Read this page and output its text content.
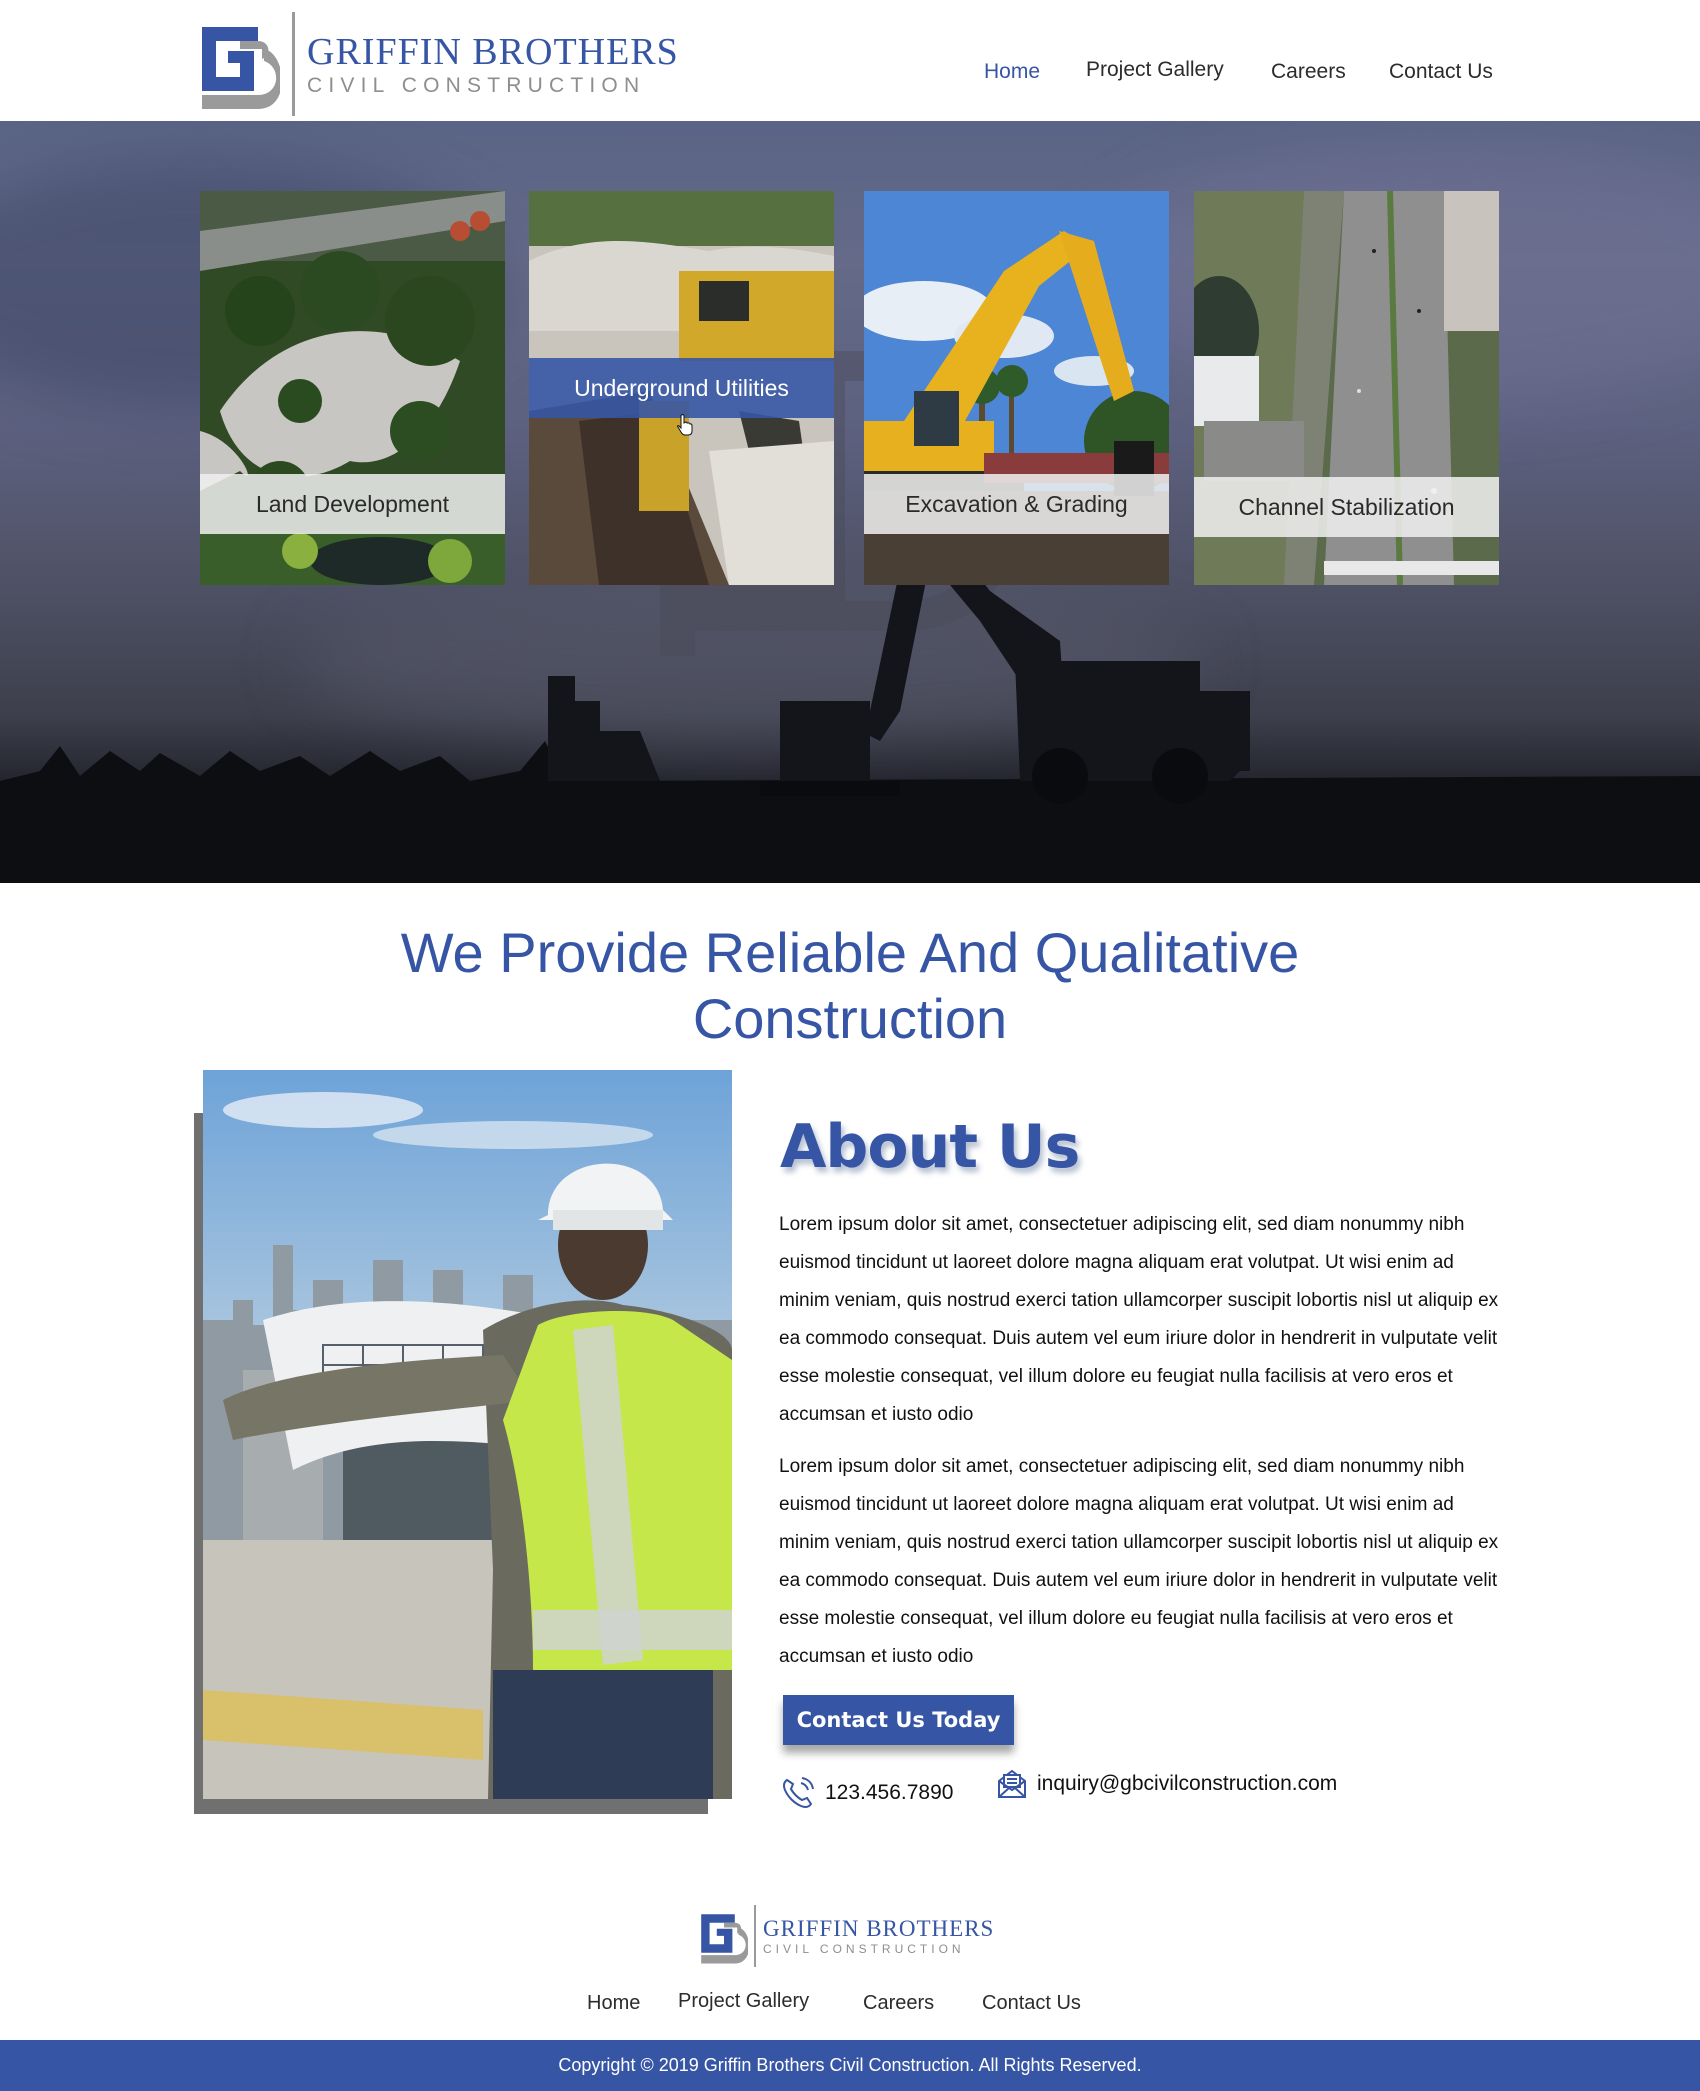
GRIFFIN BROTHERS
CIVIL CONSTRUCTION
Home Project Gallery Careers Contact Us
Land Development
Underground Utilities
Excavation & Grading	Channel Stabilization
We Provide Reliable And Qualitative
Construction
About Us

Lorem ipsum dolor sit amet, consectetuer adipiscing elit, sed diam nonummy nibh euismod tincidunt ut laoreet dolore magna aliquam erat volutpat. Ut wisi enim ad minim veniam, quis nostrud exerci tation ullamcorper suscipit lobortis nisl ut aliquip ex ea commodo consequat. Duis autem vel eum iriure dolor in hendrerit in vulputate velit esse molestie consequat, vel illum dolore eu feugiat nulla facilisis at vero eros et accumsan et iusto odio

Lorem ipsum dolor sit amet, consectetuer adipiscing elit, sed diam nonummy nibh euismod tincidunt ut laoreet dolore magna aliquam erat volutpat. Ut wisi enim ad minim veniam, quis nostrud exerci tation ullamcorper suscipit lobortis nisl ut aliquip ex ea commodo consequat. Duis autem vel eum iriure dolor in hendrerit in vulputate velit esse molestie consequat, vel illum dolore eu feugiat nulla facilisis at vero eros et accumsan et iusto odio

Contact Us Today
123.456.7890	inquiry@gbcivilconstruction.com
GRIFFIN BROTHERS
CIVIL CONSTRUCTION
Home Project Gallery	Careers Contact Us
Copyright © 2019 Griffin Brothers Civil Construction. All Rights Reserved.
